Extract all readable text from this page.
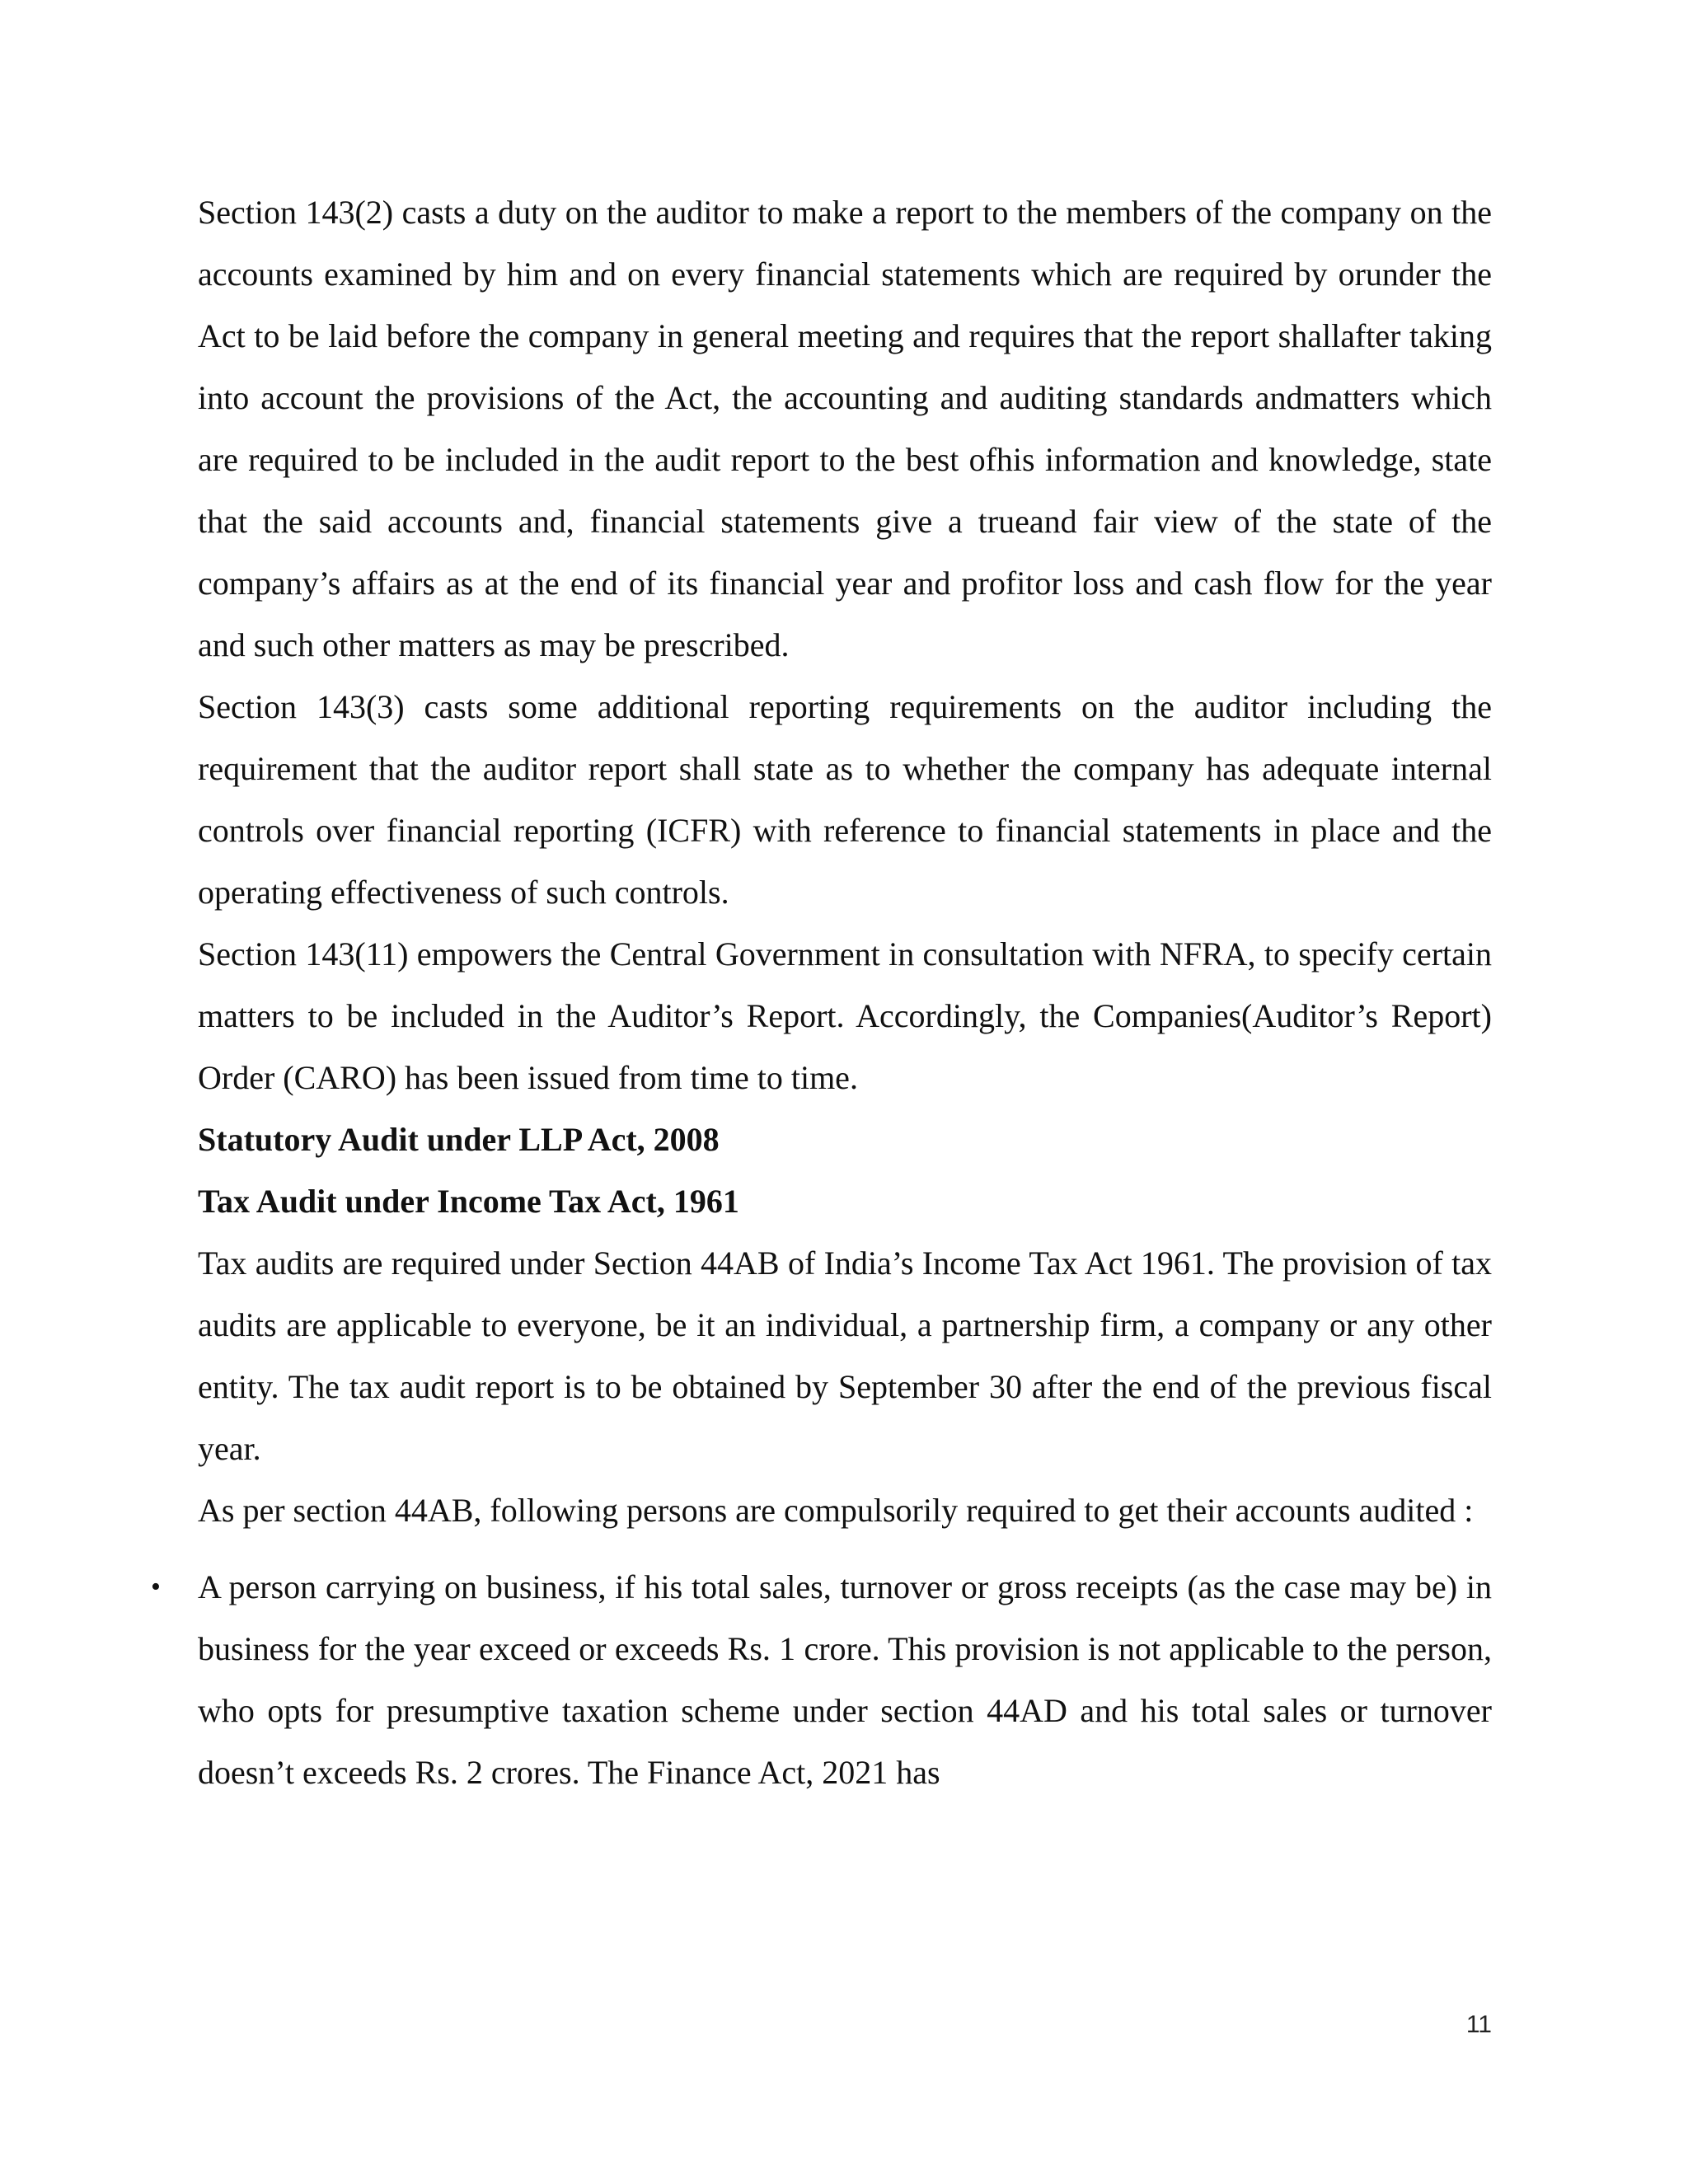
Section 143(2) casts a duty on the auditor to make a report to the members of the company on the accounts examined by him and on every financial statements which are required by orunder the Act to be laid before the company in general meeting and requires that the report shallafter taking into account the provisions of the Act, the accounting and auditing standards andmatters which are required to be included in the audit report to the best ofhis information and knowledge, state that the said accounts and, financial statements give a trueand fair view of the state of the company’s affairs as at the end of its financial year and profitor loss and cash flow for the year and such other matters as may be prescribed.

Section 143(3) casts some additional reporting requirements on the auditor including the requirement that the auditor report shall state as to whether the company has adequate internal controls over financial reporting (ICFR) with reference to financial statements in place and the operating effectiveness of such controls.

Section 143(11) empowers the Central Government in consultation with NFRA, to specify certain matters to be included in the Auditor’s Report. Accordingly, the Companies(Auditor’s Report) Order (CARO) has been issued from time to time.

Statutory Audit under LLP Act, 2008

Tax Audit under Income Tax Act, 1961

Tax audits are required under Section 44AB of India’s Income Tax Act 1961. The provision of tax audits are applicable to everyone, be it an individual, a partnership firm, a company or any other entity. The tax audit report is to be obtained by September 30 after the end of the previous fiscal year.

As per section 44AB, following persons are compulsorily required to get their accounts audited :

• A person carrying on business, if his total sales, turnover or gross receipts (as the case may be) in business for the year exceed or exceeds Rs. 1 crore. This provision is not applicable to the person, who opts for presumptive taxation scheme under section 44AD and his total sales or turnover doesn’t exceeds Rs. 2 crores. The Finance Act, 2021 has
11
